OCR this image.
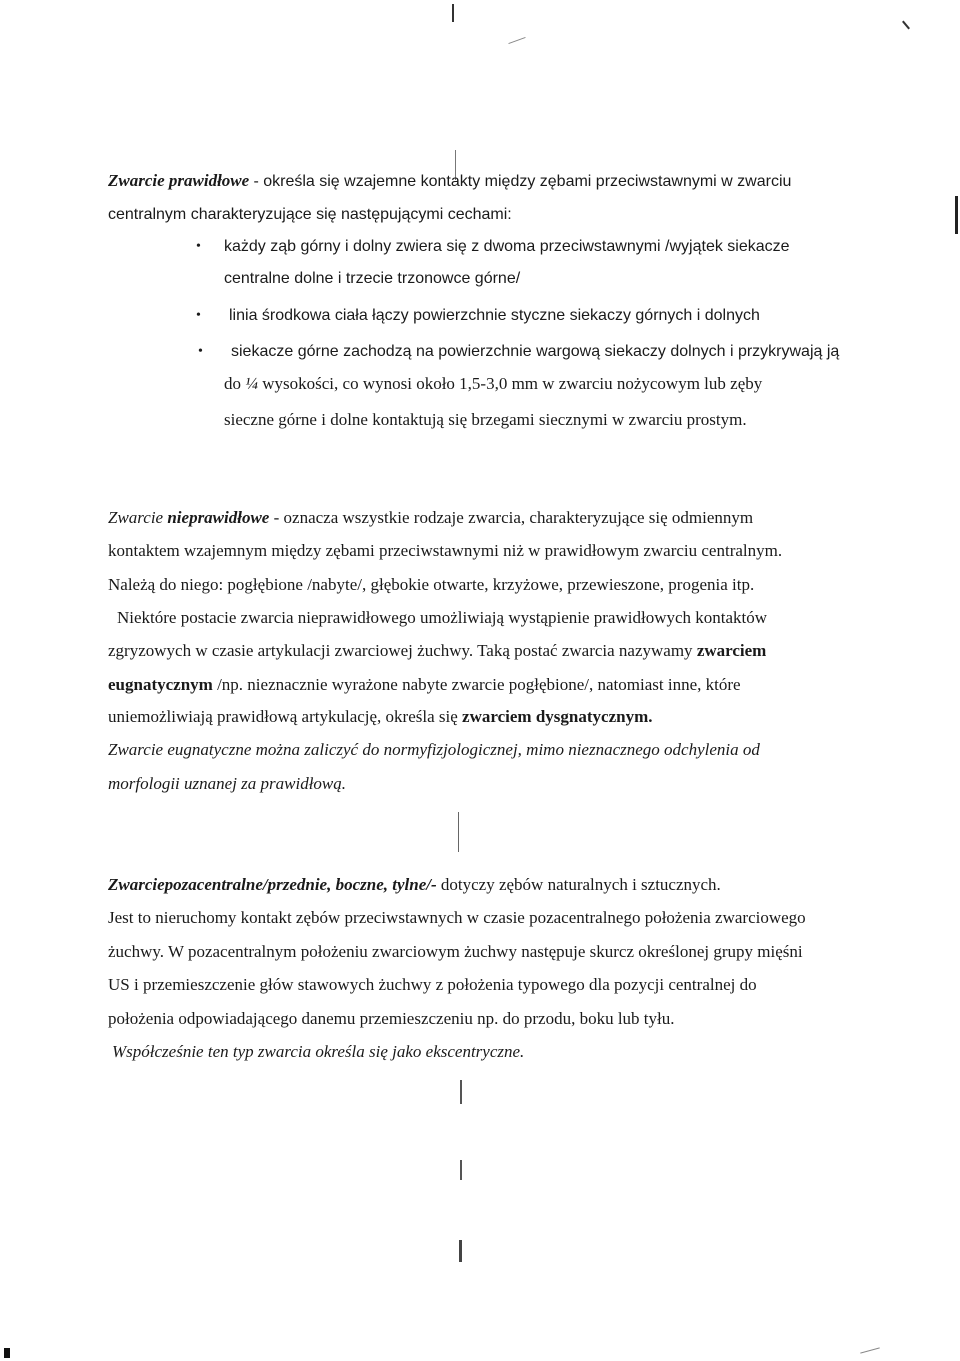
Zwarcie prawidłowe - określa się wzajemne kontakty między zębami przeciwstawnymi w zwarciu
centralnym charakteryzujące się następującymi cechami:
• każdy ząb górny i dolny zwiera się z dwoma przeciwstawnymi /wyjątek siekacze
centralne dolne i trzecie trzonowce górne/
• linia środkowa ciała łączy powierzchnie styczne siekaczy górnych i dolnych
• siekacze górne zachodzą na powierzchnie wargową siekaczy dolnych i przykrywają ją
do ¼ wysokości, co wynosi około 1,5-3,0 mm w zwarciu nożycowym lub zęby
sieczne górne i dolne kontaktują się brzegami siecznymi w zwarciu prostym.
Zwarcie nieprawidłowe - oznacza wszystkie rodzaje zwarcia, charakteryzujące się odmiennym
kontaktem wzajemnym między zębami przeciwstawnymi niż w prawidłowym zwarciu centralnym.
Należą do niego: pogłębione /nabyte/, głębokie otwarte, krzyżowe, przewieszone, progenia itp.
Niektóre postacie zwarcia nieprawidłowego umożliwiają wystąpienie prawidłowych kontaktów
zgryzowych w czasie artykulacji zwarciowej żuchwy. Taką postać zwarcia nazywamy zwarciem
eugnatycznym /np. nieznacznie wyrażone nabyte zwarcie pogłębione/, natomiast inne, które
uniemożliwiają prawidłową artykulację, określa się zwarciem dysgnatycznym.
Zwarcie eugnatyczne można zaliczyć do normyfizjologicznej, mimo nieznacznego odchylenia od
morfologii uznanej za prawidłową.
Zwarciepozacentralne/przednie, boczne, tylne/- dotyczy zębów naturalnych i sztucznych.
Jest to nieruchomy kontakt zębów przeciwstawnych w czasie pozacentralnego położenia zwarciowego
żuchwy. W pozacentralnym położeniu zwarciowym żuchwy następuje skurcz określonej grupy mięśni
US i przemieszczenie głów stawowych żuchwy z położenia typowego dla pozycji centralnej do
położenia odpowiadającego danemu przemieszczeniu np. do przodu, boku lub tyłu.
Współcześnie ten typ zwarcia określa się jako ekscentryczne.
